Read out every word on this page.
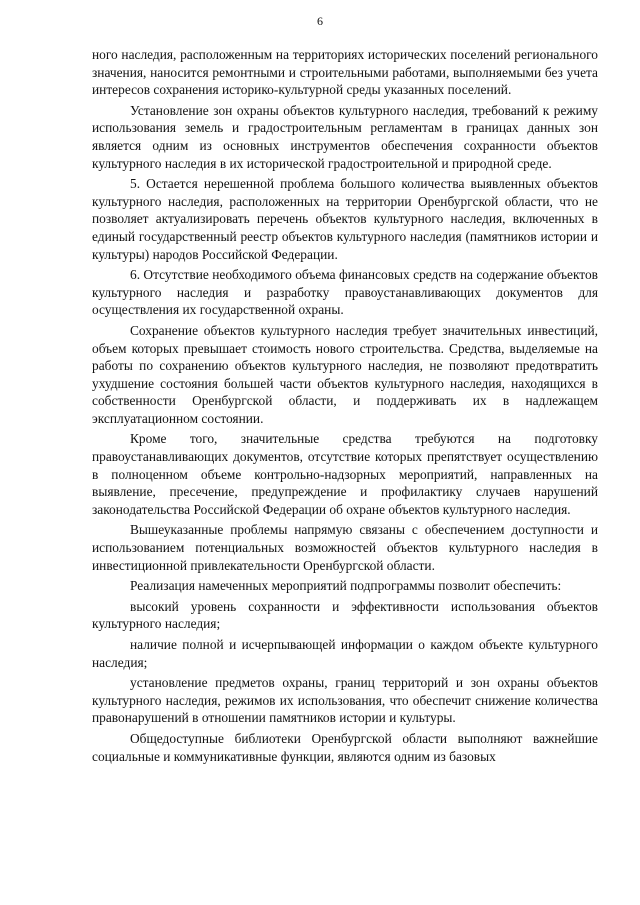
6

ного наследия, расположенным на территориях исторических поселений регионального значения, наносится ремонтными и строительными работами, выполняемыми без учета интересов сохранения историко-культурной среды указанных поселений.

Установление зон охраны объектов культурного наследия, требований к режиму использования земель и градостроительным регламентам в границах данных зон является одним из основных инструментов обеспечения сохранности объектов культурного наследия в их исторической градостроительной и природной среде.

5. Остается нерешенной проблема большого количества выявленных объектов культурного наследия, расположенных на территории Оренбургской области, что не позволяет актуализировать перечень объектов культурного наследия, включенных в единый государственный реестр объектов культурного наследия (памятников истории и культуры) народов Российской Федерации.

6. Отсутствие необходимого объема финансовых средств на содержание объектов культурного наследия и разработку правоустанавливающих документов для осуществления их государственной охраны.

Сохранение объектов культурного наследия требует значительных инвестиций, объем которых превышает стоимость нового строительства. Средства, выделяемые на работы по сохранению объектов культурного наследия, не позволяют предотвратить ухудшение состояния большей части объектов культурного наследия, находящихся в собственности Оренбургской области, и поддерживать их в надлежащем эксплуатационном состоянии.

Кроме того, значительные средства требуются на подготовку правоустанавливающих документов, отсутствие которых препятствует осуществлению в полноценном объеме контрольно-надзорных мероприятий, направленных на выявление, пресечение, предупреждение и профилактику случаев нарушений законодательства Российской Федерации об охране объектов культурного наследия.

Вышеуказанные проблемы напрямую связаны с обеспечением доступности и использованием потенциальных возможностей объектов культурного наследия в инвестиционной привлекательности Оренбургской области.

Реализация намеченных мероприятий подпрограммы позволит обеспечить:

высокий уровень сохранности и эффективности использования объектов культурного наследия;

наличие полной и исчерпывающей информации о каждом объекте культурного наследия;

установление предметов охраны, границ территорий и зон охраны объектов культурного наследия, режимов их использования, что обеспечит снижение количества правонарушений в отношении памятников истории и культуры.

Общедоступные библиотеки Оренбургской области выполняют важнейшие социальные и коммуникативные функции, являются одним из базовых
